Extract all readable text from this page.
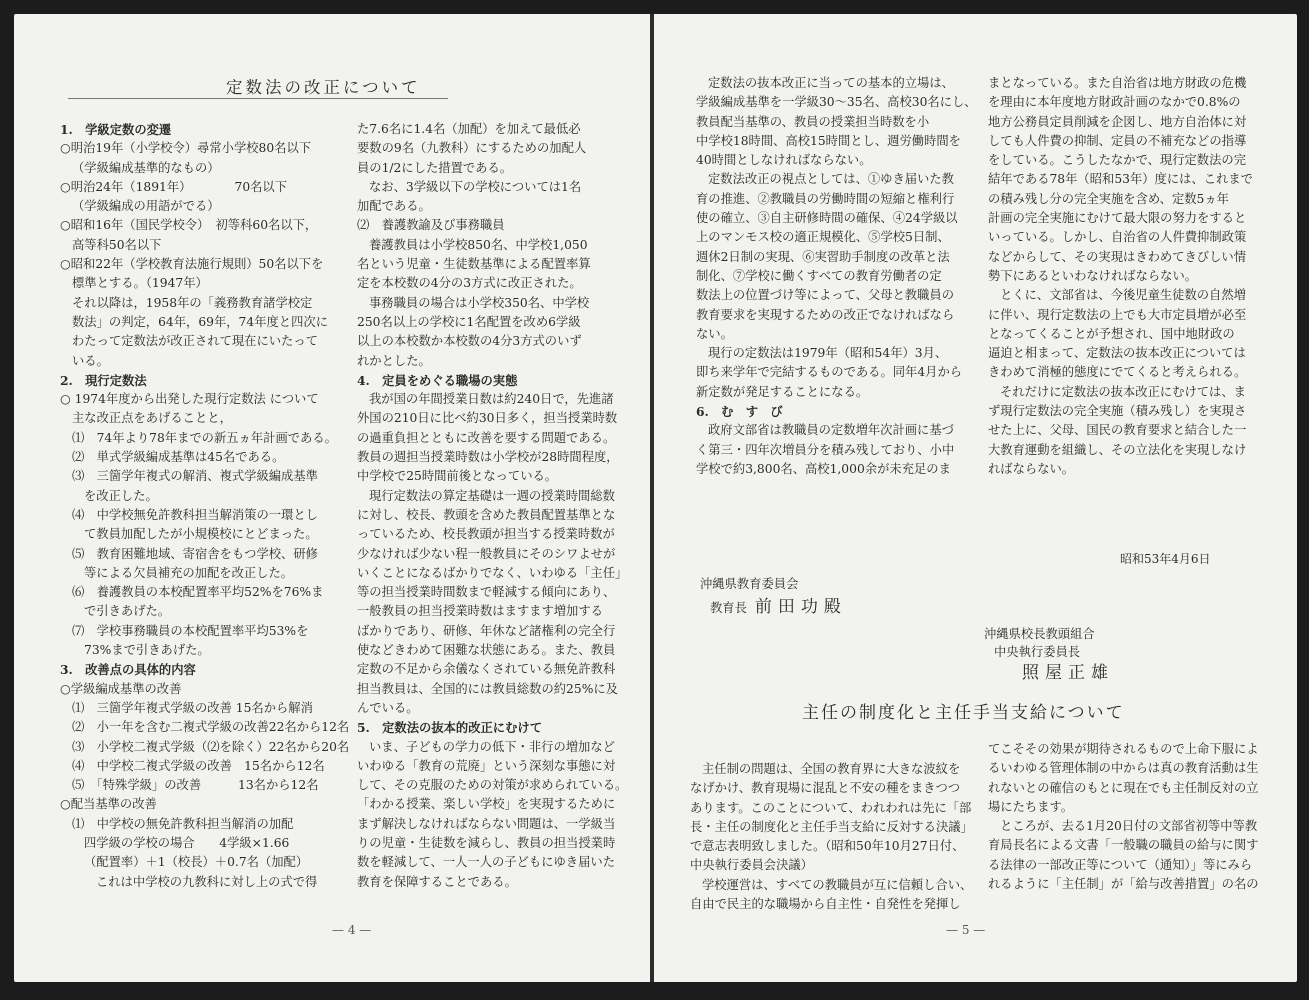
定数法の改正について

1.　学級定数の変遷

○明治19年（小学校令）尋常小学校80名以下

（学級編成基準的なもの）

○明治24年（1891年）　　　　70名以下

（学級編成の用語がでる）

○昭和16年（国民学校令）　初等科60名以下，

高等科50名以下

○昭和22年（学校教育法施行規則）50名以下を

標準とする。（1947年）

それ以降は，1958年の「義務教育諸学校定

数法」の判定，64年，69年，74年度と四次に

わたって定数法が改正されて現在にいたって

いる。

2.　現行定数法

○ 1974年度から出発した現行定数法 について

主な改正点をあげることと，

⑴　74年より78年までの新五ヵ年計画である。

⑵　単式学級編成基準は45名である。

⑶　三箇学年複式の解消、複式学級編成基準

を改正した。

⑷　中学校無免許教科担当解消策の一環とし

て教員加配したが小規模校にとどまった。

⑸　教育困難地域、寄宿舎をもつ学校、研修

等による欠員補充の加配を改正した。

⑹　養護教員の本校配置率平均52%を76%ま

で引きあげた。

⑺　学校事務職員の本校配置率平均53%を

73%まで引きあげた。

3.　改善点の具体的内容

○学級編成基準の改善

⑴　三箇学年複式学級の改善 15名から解消

⑵　小一年を含む二複式学級の改善22名から12名

⑶　小学校二複式学級（⑵を除く）22名から20名

⑷　中学校二複式学級の改善　15名から12名

⑸　「特殊学級」の改善　　　13名から12名

○配当基準の改善

⑴　中学校の無免許教科担当解消の加配

四学級の学校の場合　　4学級×1.66

（配置率）＋1（校長）＋0.7名（加配）

これは中学校の九教科に対し上の式で得

た7.6名に1.4名（加配）を加えて最低必

要数の9名（九教科）にするための加配人

員の1/2にした措置である。

なお、3学級以下の学校については1名

加配である。

⑵　養護教諭及び事務職員

養護教員は小学校850名、中学校1,050

名という児童・生徒数基準による配置率算

定を本校数の4分の3方式に改正された。

事務職員の場合は小学校350名、中学校

250名以上の学校に1名配置を改め6学級

以上の本校数か本校数の4分3方式のいず

れかとした。

4.　定員をめぐる職場の実態

我が国の年間授業日数は約240日で，先進諸

外国の210日に比べ約30日多く，担当授業時数

の過重負担とともに改善を要する問題である。

教員の週担当授業時数は小学校が28時間程度，

中学校で25時間前後となっている。

現行定数法の算定基礎は一週の授業時間総数

に対し、校長、教頭を含めた教員配置基準とな

っているため、校長教頭が担当する授業時数が

少なければ少ない程一般教員にそのシワよせが

いくことになるばかりでなく、いわゆる「主任」

等の担当授業時間数まで軽減する傾向にあり、

一般教員の担当授業時数はますます増加する

ばかりであり、研修、年休など諸権利の完全行

使などきわめて困難な状態にある。また、教員

定数の不足から余儀なくされている無免許教科

担当教員は、全国的には教員総数の約25%に及

んでいる。

5.　定数法の抜本的改正にむけて

いま、子どもの学力の低下・非行の増加など

いわゆる「教育の荒廃」という深刻な事態に対

して、その克服のための対策が求められている。

「わかる授業、楽しい学校」を実現するために

まず解決しなければならない問題は、一学級当

りの児童・生徒数を減らし、教員の担当授業時

数を軽減して、一人一人の子どもにゆき届いた

教育を保障することである。

— 4 —

定数法の抜本改正に当っての基本的立場は、

学級編成基準を一学級30〜35名、高校30名にし、

教員配当基準の、教員の授業担当時数を小

中学校18時間、高校15時間とし、週労働時間を

40時間としなければならない。

定数法改正の視点としては、①ゆき届いた教

育の推進、②教職員の労働時間の短縮と権利行

使の確立、③自主研修時間の確保、④24学級以

上のマンモス校の適正規模化、⑤学校5日制、

週休2日制の実現、⑥実習助手制度の改革と法

制化、⑦学校に働くすべての教育労働者の定

数法上の位置づけ等によって、父母と教職員の

教育要求を実現するための改正でなければなら

ない。

現行の定数法は1979年（昭和54年）3月、

即ち来学年で完結するものである。同年4月から

新定数が発足することになる。

6.　む　す　び

政府文部省は教職員の定数増年次計画に基づ

く第三・四年次増員分を積み残しており、小中

学校で約3,800名、高校1,000余が未充足のま

まとなっている。また自治省は地方財政の危機

を理由に本年度地方財政計画のなかで0.8%の

地方公務員定員削減を企図し、地方自治体に対

しても人件費の抑制、定員の不補充などの指導

をしている。こうしたなかで、現行定数法の完

結年である78年（昭和53年）度には、これまで

の積み残し分の完全実施を含め、定数5ヵ年

計画の完全実施にむけて最大限の努力をすると

いっている。しかし、自治省の人件費抑制政策

などからして、その実現はきわめてきびしい情

勢下にあるといわなければならない。

とくに、文部省は、今後児童生徒数の自然増

に伴い、現行定数法の上でも大市定員増が必至

となってくることが予想され、国中地財政の

逼迫と相まって、定数法の抜本改正については

きわめて消極的態度にでてくると考えられる。

それだけに定数法の抜本改正にむけては、ま

ず現行定数法の完全実施（積み残し）を実現さ

せた上に、父母、国民の教育要求と結合した一

大教育運動を組織し、その立法化を実現しなけ

ればならない。

昭和53年4月6日
沖縄県教育委員会
教育長 前田功殿
沖縄県校長教頭組合
中央執行委員長
照屋正雄
主任の制度化と主任手当支給について

主任制の問題は、全国の教育界に大きな波紋を

なげかけ、教育現場に混乱と不安の種をまきつつ

あります。このことについて、われわれは先に「部

長・主任の制度化と主任手当支給に反対する決議」

で意志表明致しました。（昭和50年10月27日付、

中央執行委員会決議）

学校運営は、すべての教職員が互に信頼し合い、

自由で民主的な職場から自主性・自発性を発揮し

てこそその効果が期待されるもので上命下服によ

るいわゆる管理体制の中からは真の教育活動は生

れないとの確信のもとに現在でも主任制反対の立

場にたちます。

ところが、去る1月20日付の文部省初等中等教

育局長名による文書「一般職の職員の給与に関す

る法律の一部改正等について（通知）」等にみら

れるように「主任制」が「給与改善措置」の名の

— 5 —
